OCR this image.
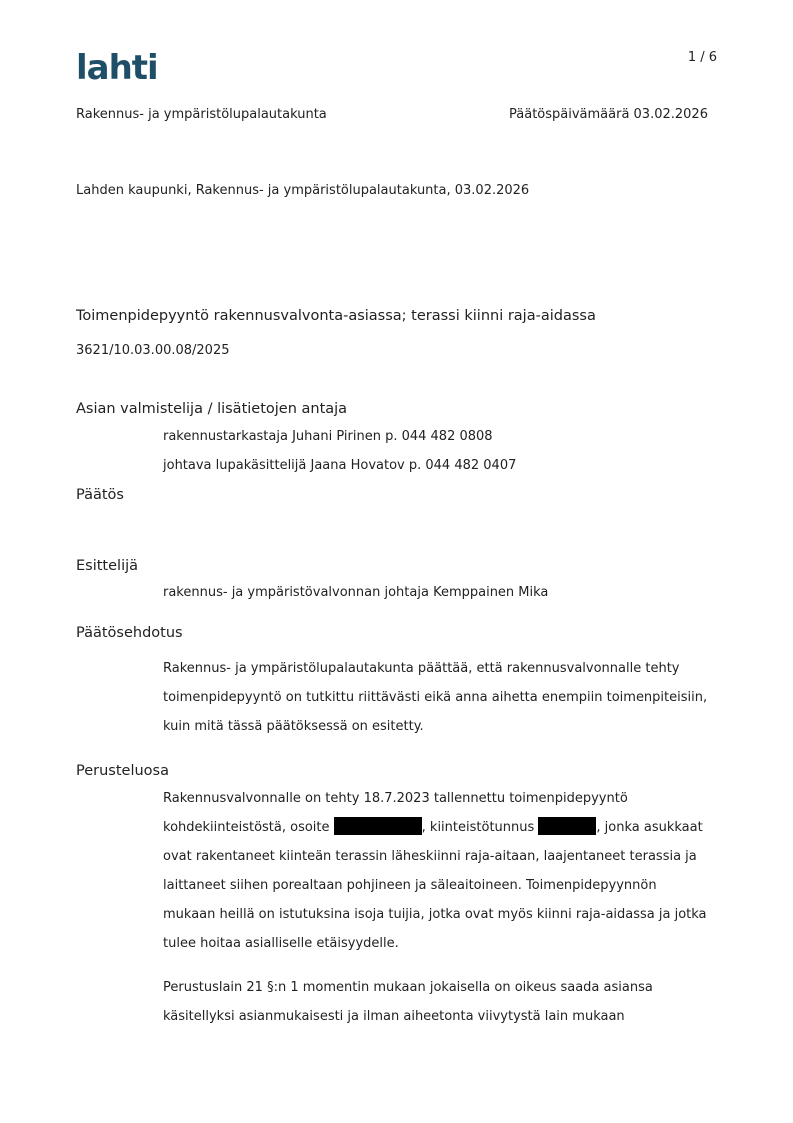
lahti	1 / 6
Rakennus- ja ympäristölupalautakunta	Päätöspäivämäärä 03.02.2026
Lahden kaupunki, Rakennus- ja ympäristölupalautakunta, 03.02.2026
Toimenpidepyyntö rakennusvalvonta-asiassa; terassi kiinni raja-aidassa
3621/10.03.00.08/2025
Asian valmistelija / lisätietojen antaja
rakennustarkastaja Juhani Pirinen p. 044 482 0808
johtava lupakäsittelijä Jaana Hovatov p. 044 482 0407
Päätös
Esittelijä
rakennus- ja ympäristövalvonnan johtaja Kemppainen Mika
Päätösehdotus
Rakennus- ja ympäristölupalautakunta päättää, että rakennusvalvonnalle tehty
toimenpidepyyntö on tutkittu riittävästi eikä anna aihetta enempiin toimenpiteisiin,
kuin mitä tässä päätöksessä on esitetty.
Perusteluosa
Rakennusvalvonnalle on tehty 18.7.2023 tallennettu toimenpidepyyntö
kohdekiinteistöstä, osoite	, kiinteistötunnus	, jonka asukkaat
ovat rakentaneet kiinteän terassin läheskiinni raja-aitaan, laajentaneet terassia ja
laittaneet siihen porealtaan pohjineen ja säleaitoineen. Toimenpidepyynnön
mukaan heillä on istutuksina isoja tuijia, jotka ovat myös kiinni raja-aidassa ja jotka
tulee hoitaa asialliselle etäisyydelle.
Perustuslain 21 §:n 1 momentin mukaan jokaisella on oikeus saada asiansa
käsitellyksi asianmukaisesti ja ilman aiheetonta viivytystä lain mukaan
